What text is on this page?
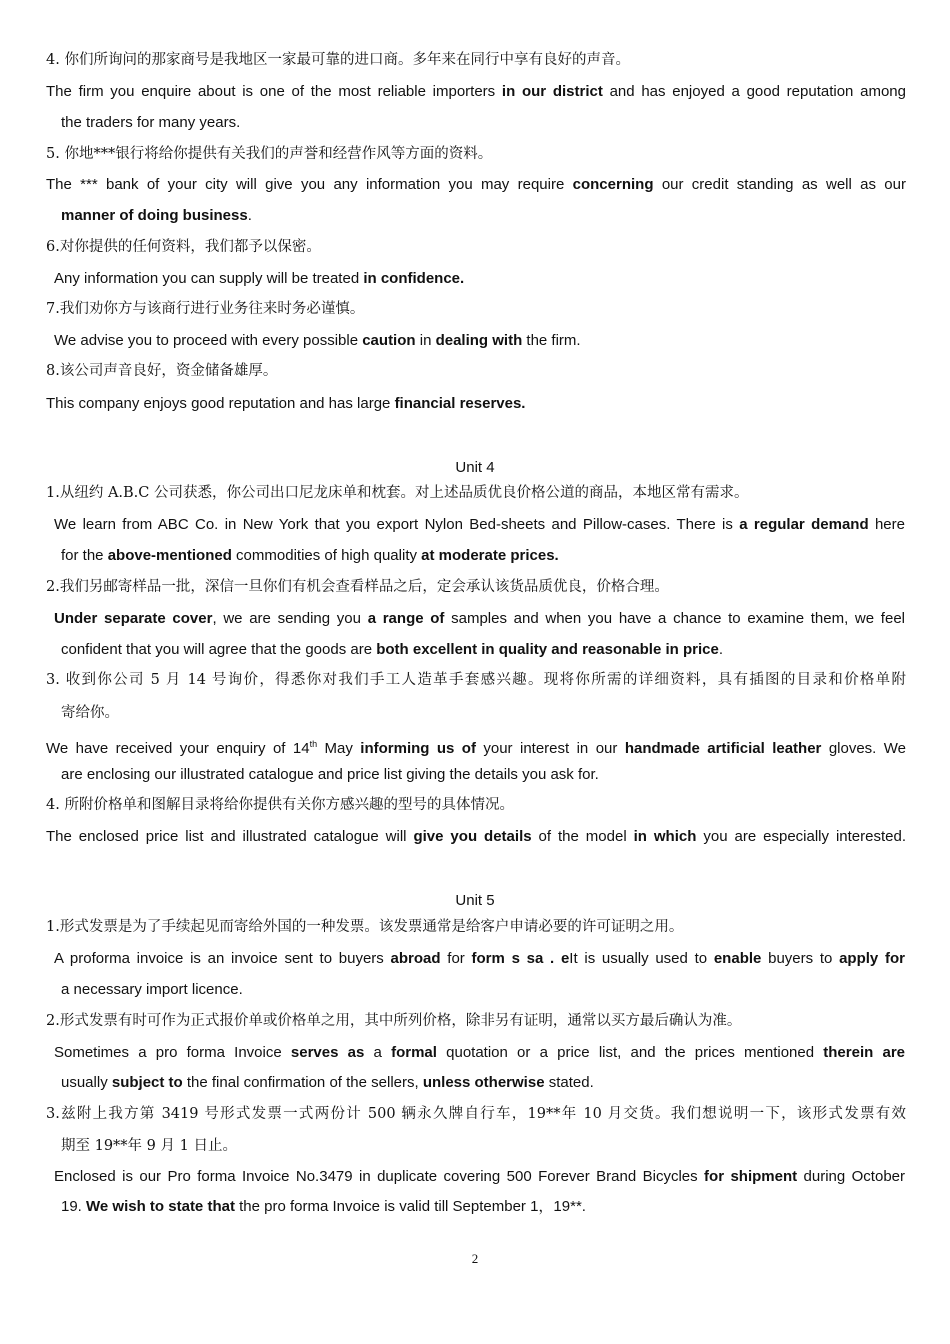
4. 你们所询问的那家商号是我地区一家最可靠的进口商。多年来在同行中享有良好的声音。
The firm you enquire about is one of the most reliable importers in our district and has enjoyed a good reputation among
the traders for many years.
5. 你地***银行将给你提供有关我们的声誉和经营作风等方面的资料。
The *** bank of your city will give you any information you may require concerning our credit standing as well as our
manner of doing business.
6.对你提供的任何资料，我们都予以保密。
Any information you can supply will be treated in confidence.
7.我们劝你方与该商行进行业务往来时务必谨慎。
We advise you to proceed with every possible caution in dealing with the firm.
8.该公司声音良好，资金储备雄厚。
This company enjoys good reputation and has large financial reserves.
Unit 4
1.从纽约 A.B.C 公司获悉，你公司出口尼龙床单和枕套。对上述品质优良价格公道的商品，本地区常有需求。
We learn from ABC Co. in New York that you export Nylon Bed-sheets and Pillow-cases. There is a regular demand here
for the above-mentioned commodities of high quality at moderate prices.
2.我们另邮寄样品一批，深信一旦你们有机会查看样品之后，定会承认该货品质优良，价格合理。
Under separate cover, we are sending you a range of samples and when you have a chance to examine them, we feel
confident that you will agree that the goods are both excellent in quality and reasonable in price.
3. 收到你公司 5 月 14 号询价，得悉你对我们手工人造革手套感兴趣。现将你所需的详细资料，具有插图的目录和价格单附
寄给你。
We have received your enquiry of 14th May informing us of your interest in our handmade artificial leather gloves. We
are enclosing our illustrated catalogue and price list giving the details you ask for.
4. 所附价格单和图解目录将给你提供有关你方感兴趣的型号的具体情况。
The enclosed price list and illustrated catalogue will give you details of the model in which you are especially interested.
Unit 5
1.形式发票是为了手续起见而寄给外国的一种发票。该发票通常是给客户申请必要的许可证明之用。
A proforma invoice is an invoice sent to buyers abroad for form s sa . eIt is usually used to enable buyers to apply for
a necessary import licence.
2.形式发票有时可作为正式报价单或价格单之用，其中所列价格，除非另有证明，通常以买方最后确认为准。
Sometimes a pro forma Invoice serves as a formal quotation or a price list, and the prices mentioned therein are
usually subject to the final confirmation of the sellers, unless otherwise stated.
3.兹附上我方第 3419 号形式发票一式两份计 500 辆永久牌自行车，19**年 10 月交货。我们想说明一下，该形式发票有效
期至 19**年 9 月 1 日止。
Enclosed is our Pro forma Invoice No.3479 in duplicate covering 500 Forever Brand Bicycles for shipment during October
19. We wish to state that the pro forma Invoice is valid till September 1，19**.
2
